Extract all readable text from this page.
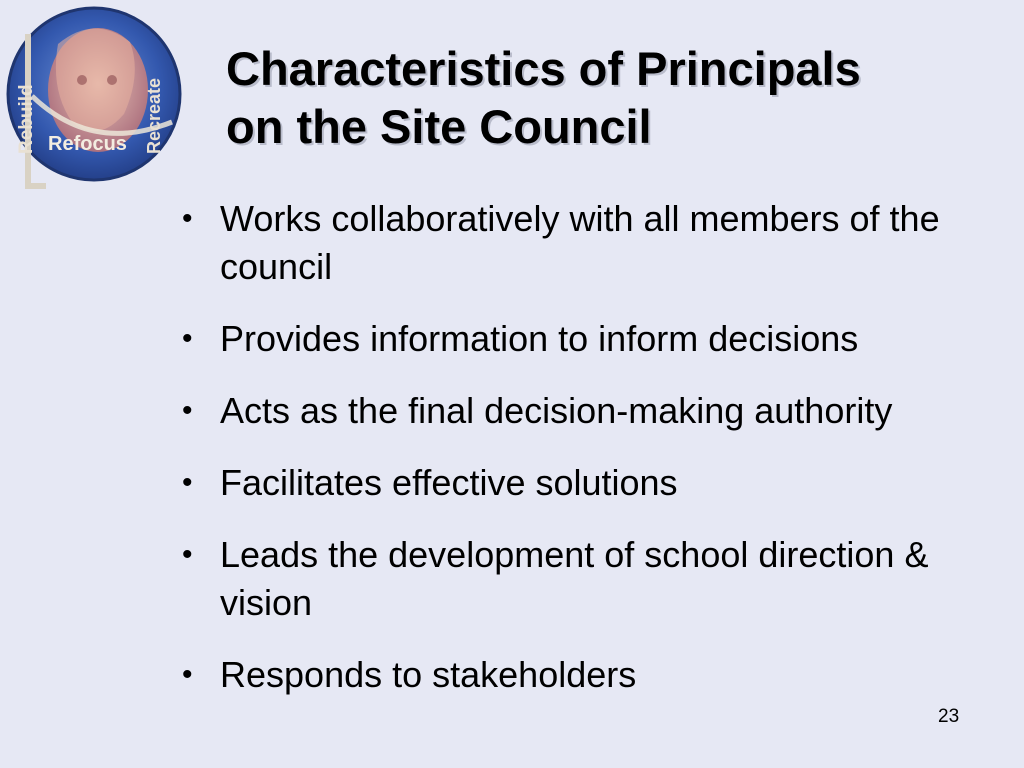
Rebuild Refocus Recreate
Characteristics of Principals
on the Site Council
• Works collaboratively with all members of the council
• Provides information to inform decisions
• Acts as the final decision-making authority
• Facilitates effective solutions
• Leads the development of school direction & vision
• Responds to stakeholders
23
